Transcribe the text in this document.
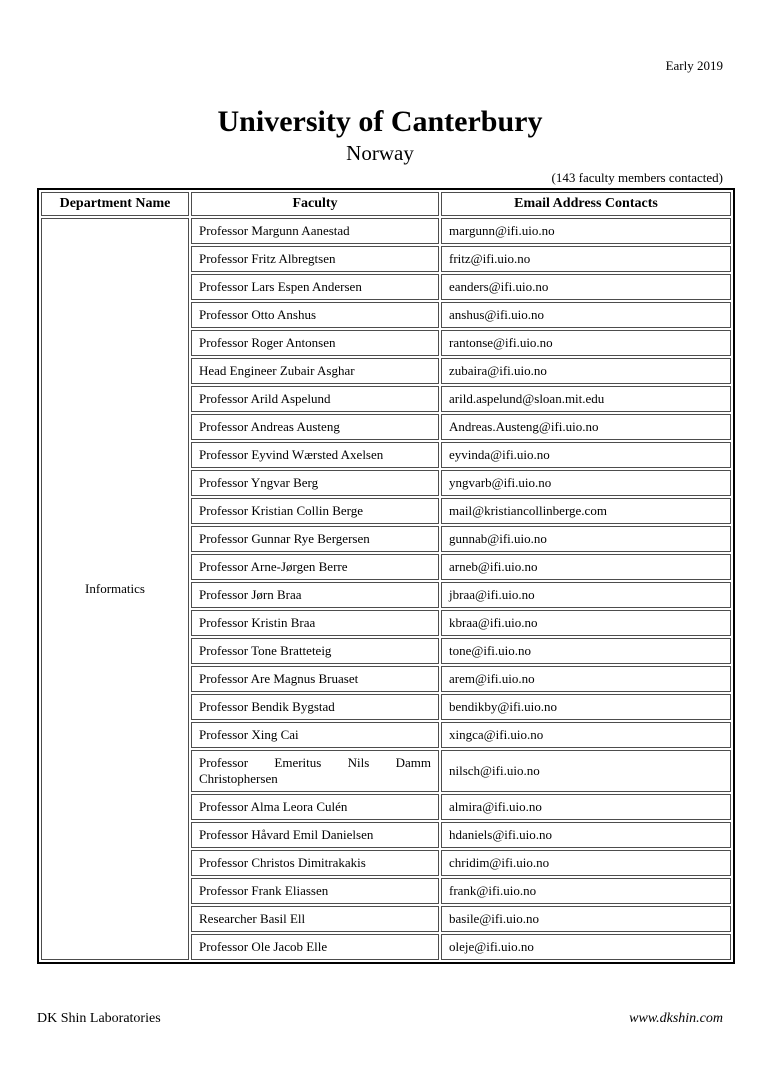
Early 2019
University of Canterbury
Norway
(143 faculty members contacted)
Department Name	Faculty	Email Address Contacts
Informatics	Professor Margunn Aanestad	margunn@ifi.uio.no
	Professor Fritz Albregtsen	fritz@ifi.uio.no
	Professor Lars Espen Andersen	eanders@ifi.uio.no
	Professor Otto Anshus	anshus@ifi.uio.no
	Professor Roger Antonsen	rantonse@ifi.uio.no
	Head Engineer Zubair Asghar	zubaira@ifi.uio.no
	Professor Arild Aspelund	arild.aspelund@sloan.mit.edu
	Professor Andreas Austeng	Andreas.Austeng@ifi.uio.no
	Professor Eyvind Wærsted Axelsen	eyvinda@ifi.uio.no
	Professor Yngvar Berg	yngvarb@ifi.uio.no
	Professor Kristian Collin Berge	mail@kristiancollinberge.com
	Professor Gunnar Rye Bergersen	gunnab@ifi.uio.no
	Professor Arne-Jørgen Berre	arneb@ifi.uio.no
	Professor Jørn Braa	jbraa@ifi.uio.no
	Professor Kristin Braa	kbraa@ifi.uio.no
	Professor Tone Bratteteig	tone@ifi.uio.no
	Professor Are Magnus Bruaset	arem@ifi.uio.no
	Professor Bendik Bygstad	bendikby@ifi.uio.no
	Professor Xing Cai	xingca@ifi.uio.no
	Professor Emeritus Nils Damm Christophersen	nilsch@ifi.uio.no
	Professor Alma Leora Culén	almira@ifi.uio.no
	Professor Håvard Emil Danielsen	hdaniels@ifi.uio.no
	Professor Christos Dimitrakakis	chridim@ifi.uio.no
	Professor Frank Eliassen	frank@ifi.uio.no
	Researcher Basil Ell	basile@ifi.uio.no
	Professor Ole Jacob Elle	oleje@ifi.uio.no
DK Shin Laboratories	www.dkshin.com
